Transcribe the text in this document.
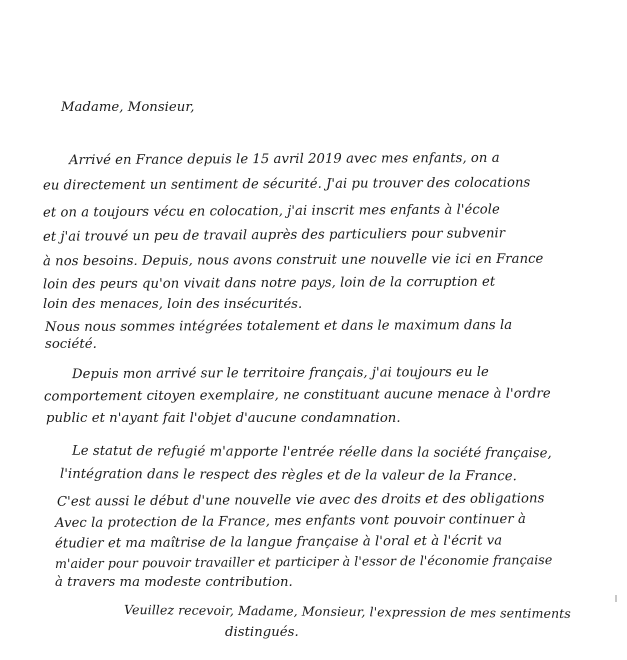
Madame, Monsieur,
Arrivé en France depuis le 15 avril 2019 avec mes enfants, on a
eu directement un sentiment de sécurité. J'ai pu trouver des colocations
et on a toujours vécu en colocation, j'ai inscrit mes enfants à l'école
et j'ai trouvé un peu de travail auprès des particuliers pour subvenir
à nos besoins. Depuis, nous avons construit une nouvelle vie ici en France
loin des peurs qu'on vivait dans notre pays, loin de la corruption et
loin des menaces, loin des insécurités.
Nous nous sommes intégrées totalement et dans le maximum dans la
société.
Depuis mon arrivé sur le territoire français, j'ai toujours eu le
comportement citoyen exemplaire, ne constituant aucune menace à l'ordre
public et n'ayant fait l'objet d'aucune condamnation.
Le statut de refugié m'apporte l'entrée réelle dans la société française,
l'intégration dans le respect des règles et de la valeur de la France.
C'est aussi le début d'une nouvelle vie avec des droits et des obligations
Avec la protection de la France, mes enfants vont pouvoir continuer à
étudier et ma maîtrise de la langue française à l'oral et à l'écrit va
m'aider pour pouvoir travailler et participer à l'essor de l'économie française
à travers ma modeste contribution.
Veuillez recevoir, Madame, Monsieur, l'expression de mes sentiments
distingués.
